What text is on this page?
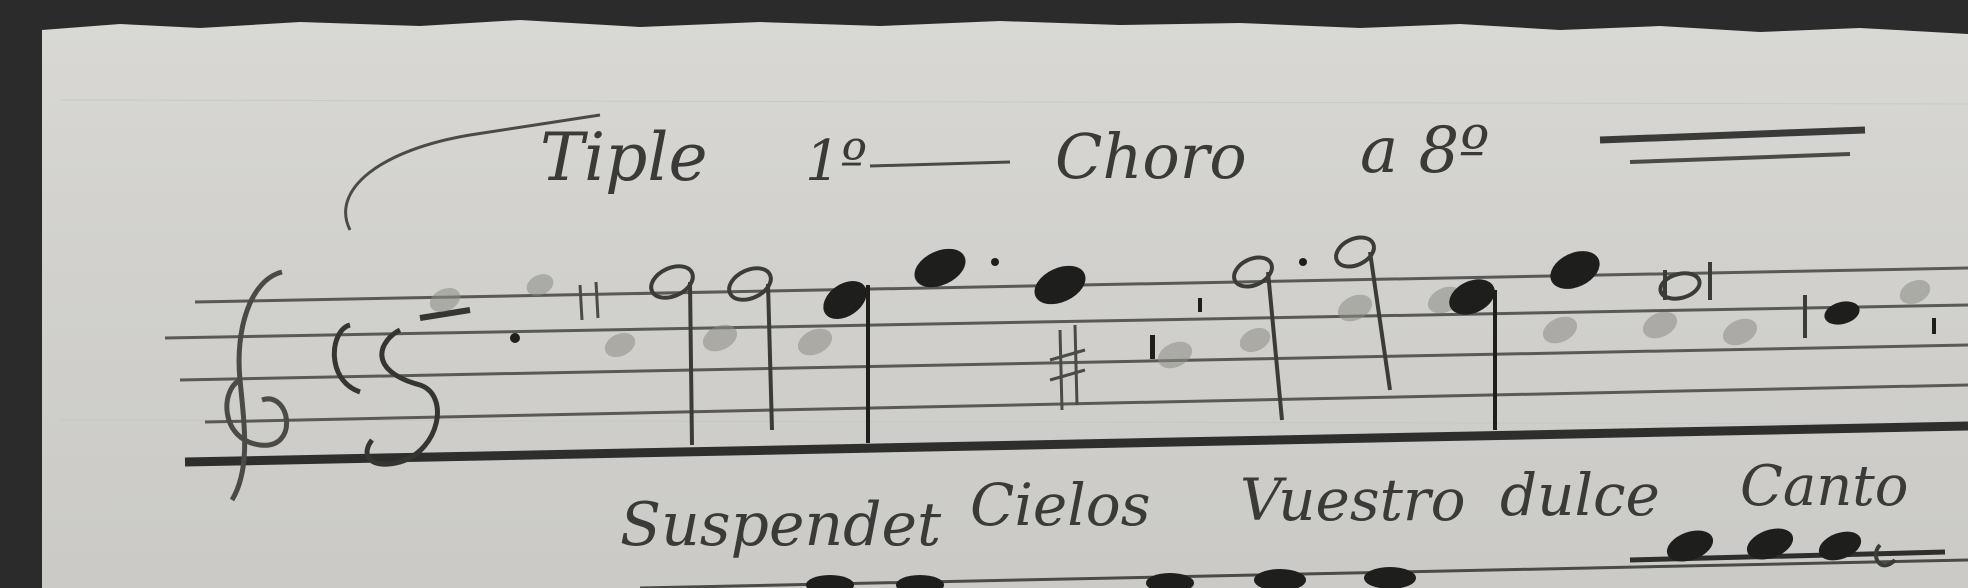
Tiple 1º	Choro a 8º
Suspendet Cielos Vuestro dulce Canto
